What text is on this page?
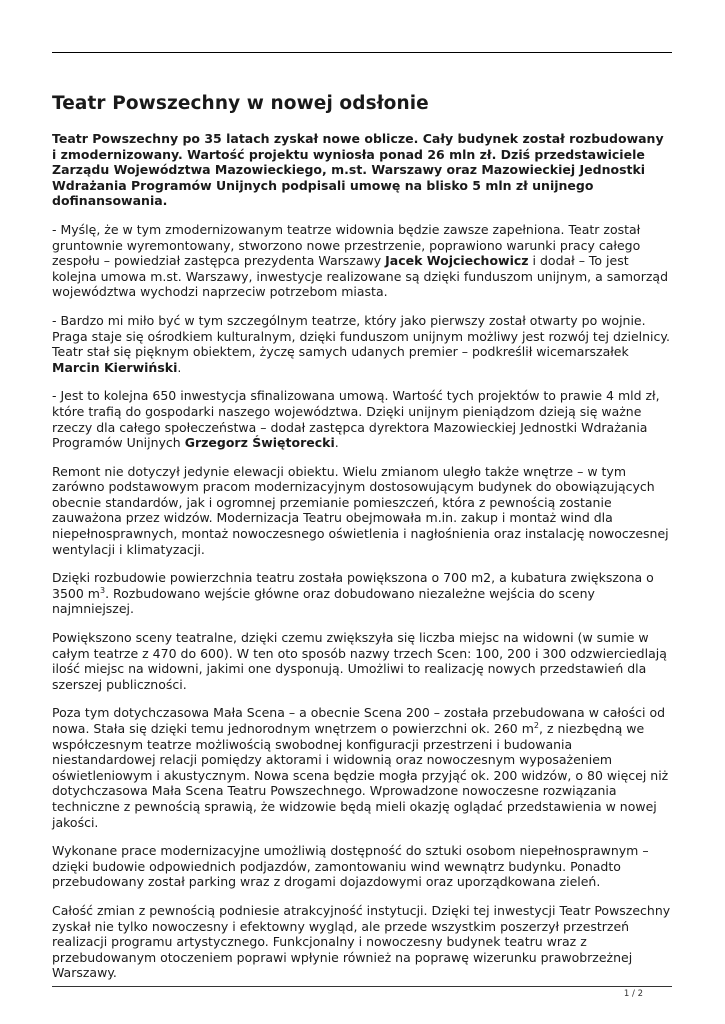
Teatr Powszechny w nowej odsłonie

Teatr Powszechny po 35 latach zyskał nowe oblicze. Cały budynek został rozbudowany i zmodernizowany. Wartość projektu wyniosła ponad 26 mln zł. Dziś przedstawiciele Zarządu Województwa Mazowieckiego, m.st. Warszawy oraz Mazowieckiej Jednostki Wdrażania Programów Unijnych podpisali umowę na blisko 5 mln zł unijnego dofinansowania.

- Myślę, że w tym zmodernizowanym teatrze widownia będzie zawsze zapełniona. Teatr został gruntownie wyremontowany, stworzono nowe przestrzenie, poprawiono warunki pracy całego zespołu – powiedział zastępca prezydenta Warszawy Jacek Wojciechowicz i dodał – To jest kolejna umowa m.st. Warszawy, inwestycje realizowane są dzięki funduszom unijnym, a samorząd województwa wychodzi naprzeciw potrzebom miasta.

- Bardzo mi miło być w tym szczególnym teatrze, który jako pierwszy został otwarty po wojnie. Praga staje się ośrodkiem kulturalnym, dzięki funduszom unijnym możliwy jest rozwój tej dzielnicy. Teatr stał się pięknym obiektem, życzę samych udanych premier – podkreślił wicemarszałek Marcin Kierwiński.

- Jest to kolejna 650 inwestycja sfinalizowana umową. Wartość tych projektów to prawie 4 mld zł, które trafią do gospodarki naszego województwa. Dzięki unijnym pieniądzom dzieją się ważne rzeczy dla całego społeczeństwa – dodał zastępca dyrektora Mazowieckiej Jednostki Wdrażania Programów Unijnych Grzegorz Świętorecki.

Remont nie dotyczył jedynie elewacji obiektu. Wielu zmianom uległo także wnętrze – w tym zarówno podstawowym pracom modernizacyjnym dostosowującym budynek do obowiązujących obecnie standardów, jak i ogromnej przemianie pomieszczeń, która z pewnością zostanie zauważona przez widzów. Modernizacja Teatru obejmowała m.in. zakup i montaż wind dla niepełnosprawnych, montaż nowoczesnego oświetlenia i nagłośnienia oraz instalację nowoczesnej wentylacji i klimatyzacji.

Dzięki rozbudowie powierzchnia teatru została powiększona o 700 m2, a kubatura zwiększona o 3500 $m^3$. Rozbudowano wejście główne oraz dobudowano niezależne wejścia do sceny najmniejszej.

Powiększono sceny teatralne, dzięki czemu zwiększyła się liczba miejsc na widowni (w sumie w całym teatrze z 470 do 600). W ten oto sposób nazwy trzech Scen: 100, 200 i 300 odzwierciedlają ilość miejsc na widowni, jakimi one dysponują. Umożliwi to realizację nowych przedstawień dla szerszej publiczności.

Poza tym dotychczasowa Mała Scena – a obecnie Scena 200 – została przebudowana w całości od nowa. Stała się dzięki temu jednorodnym wnętrzem o powierzchni ok. 260 $m^2$, z niezbędną we współczesnym teatrze możliwością swobodnej konfiguracji przestrzeni i budowania niestandardowej relacji pomiędzy aktorami i widownią oraz nowoczesnym wyposażeniem oświetleniowym i akustycznym. Nowa scena będzie mogła przyjąć ok. 200 widzów, o 80 więcej niż dotychczasowa Mała Scena Teatru Powszechnego. Wprowadzone nowoczesne rozwiązania techniczne z pewnością sprawią, że widzowie będą mieli okazję oglądać przedstawienia w nowej jakości.

Wykonane prace modernizacyjne umożliwią dostępność do sztuki osobom niepełnosprawnym – dzięki budowie odpowiednich podjazdów, zamontowaniu wind wewnątrz budynku. Ponadto przebudowany został parking wraz z drogami dojazdowymi oraz uporządkowana zieleń.

Całość zmian z pewnością podniesie atrakcyjność instytucji. Dzięki tej inwestycji Teatr Powszechny zyskał nie tylko nowoczesny i efektowny wygląd, ale przede wszystkim poszerzył przestrzeń realizacji programu artystycznego. Funkcjonalny i nowoczesny budynek teatru wraz z przebudowanym otoczeniem poprawi wpłynie również na poprawę wizerunku prawobrzeżnej Warszawy.

1 / 2
